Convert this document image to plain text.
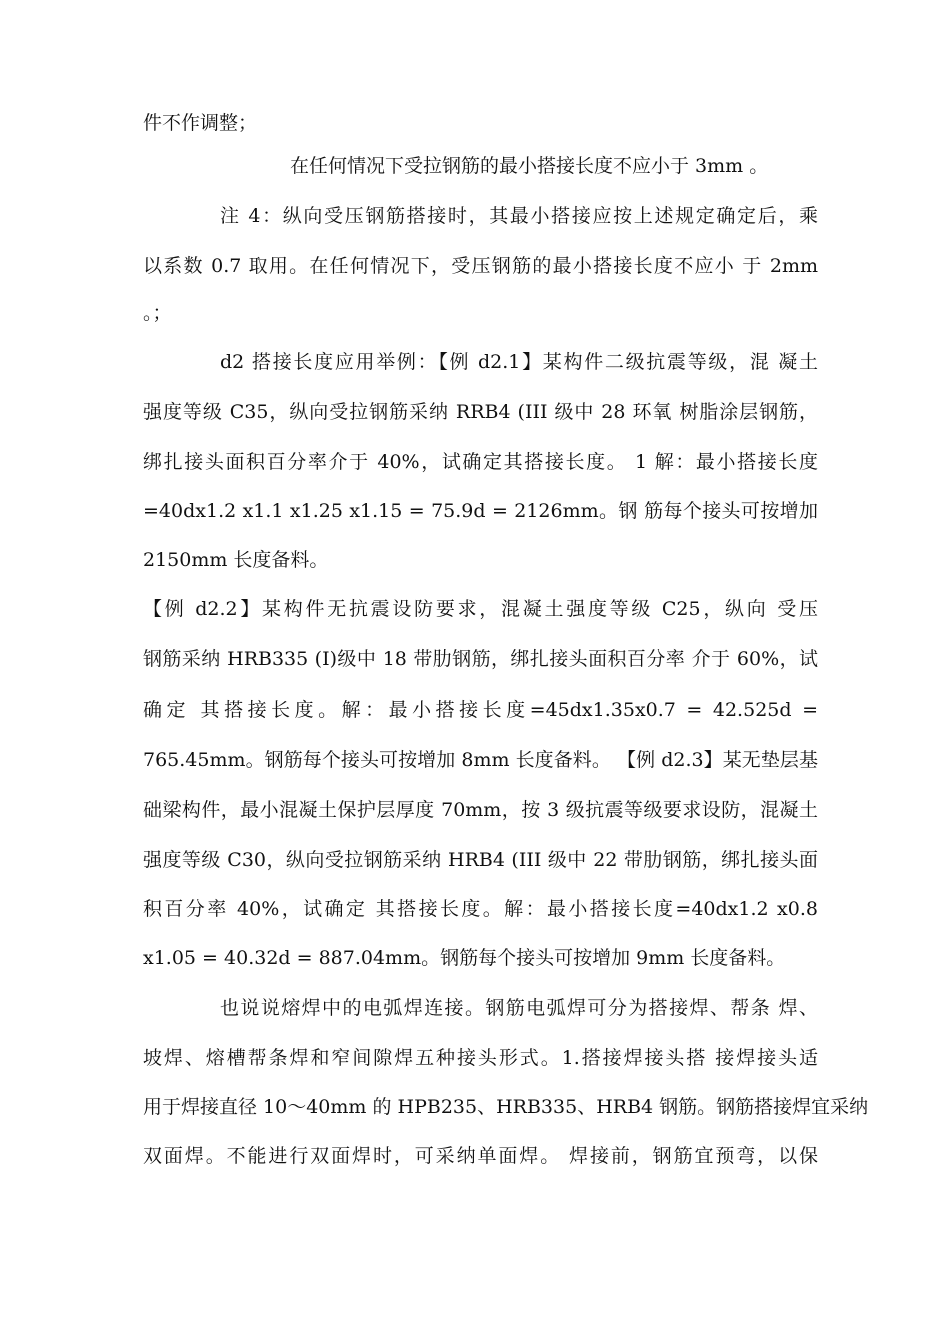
件不作调整；
在任何情况下受拉钢筋的最小搭接长度不应小于 3mm 。
注 4：纵向受压钢筋搭接时，其最小搭接应按上述规定确定后，乘
以系数 0.7 取用。在任何情况下，受压钢筋的最小搭接长度不应小 于 2mm
。；
d2 搭接长度应用举例：【例 d2.1】某构件二级抗震等级，混 凝土
强度等级 C35，纵向受拉钢筋采纳 RRB4 (III 级中 28 环氧 树脂涂层钢筋，
绑扎接头面积百分率介于 40%，试确定其搭接长度。 1 解：最小搭接长度
=40dx1.2 x1.1 x1.25 x1.15 = 75.9d = 2126mm。钢 筋每个接头可按增加
2150mm 长度备料。
【例 d2.2】某构件无抗震设防要求，混凝土强度等级 C25，纵向 受压
钢筋采纳 HRB335 (I)级中 18 带肋钢筋，绑扎接头面积百分率 介于 60%，试
确定 其搭接长度。解：最小搭接长度=45dx1.35x0.7 = 42.525d =
765.45mm。钢筋每个接头可按增加 8mm 长度备料。 【例 d2.3】某无垫层基
础梁构件，最小混凝土保护层厚度 70mm，按 3 级抗震等级要求设防，混凝土
强度等级 C30，纵向受拉钢筋采纳 HRB4 (III 级中 22 带肋钢筋，绑扎接头面
积百分率 40%，试确定 其搭接长度。解：最小搭接长度=40dx1.2 x0.8
x1.05 = 40.32d = 887.04mm。钢筋每个接头可按增加 9mm 长度备料。
也说说熔焊中的电弧焊连接。钢筋电弧焊可分为搭接焊、帮条 焊、
坡焊、熔槽帮条焊和窄间隙焊五种接头形式。1.搭接焊接头搭 接焊接头适
用于焊接直径 10〜40mm 的 HPB235、HRB335、HRB4 钢筋。钢筋搭接焊宜采纳
双面焊。不能进行双面焊时，可采纳单面焊。 焊接前，钢筋宜预弯，以保
